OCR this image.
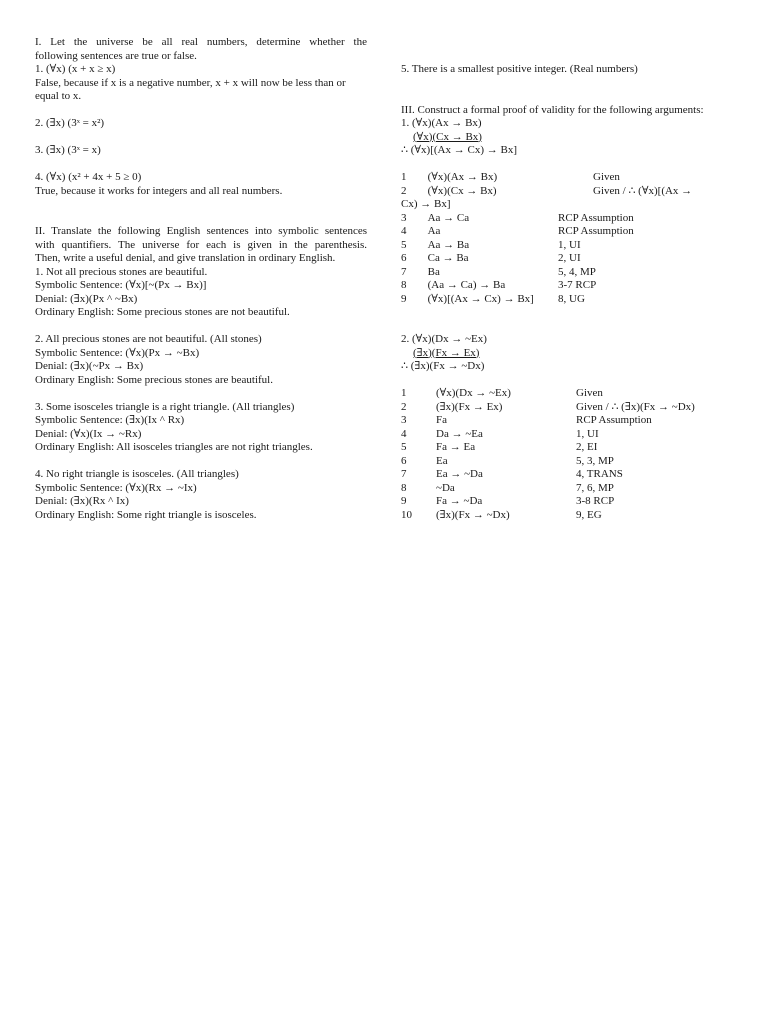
I. Let the universe be all real numbers, determine whether the
following sentences are true or false.
1. (∀x) (x + x ≥ x)
False, because if x is a negative number, x + x will now be less than or
equal to x.
2. (∃x) (3ˣ = x²)
3. (∃x) (3ˣ = x)
4. (∀x) (x² + 4x + 5 ≥ 0)
True, because it works for integers and all real numbers.
II. Translate the following English sentences into symbolic sentences
with quantifiers. The universe for each is given in the parenthesis.
Then, write a useful denial, and give translation in ordinary English.
1. Not all precious stones are beautiful.
Symbolic Sentence: (∀x)[~(Px → Bx)]
Denial: (∃x)(Px ^ ~Bx)
Ordinary English: Some precious stones are not beautiful.
2. All precious stones are not beautiful. (All stones)
Symbolic Sentence: (∀x)(Px → ~Bx)
Denial: (∃x)(~Px → Bx)
Ordinary English: Some precious stones are beautiful.
3. Some isosceles triangle is a right triangle. (All triangles)
Symbolic Sentence: (∃x)(Ix ^ Rx)
Denial: (∀x)(Ix → ~Rx)
Ordinary English: All isosceles triangles are not right triangles.
4. No right triangle is isosceles. (All triangles)
Symbolic Sentence: (∀x)(Rx → ~Ix)
Denial: (∃x)(Rx ^ Ix)
Ordinary English: Some right triangle is isosceles.
5. There is a smallest positive integer. (Real numbers)
III. Construct a formal proof of validity for the following arguments:
1. (∀x)(Ax → Bx)
(∀x)(Cx → Bx)
∴ (∀x)[(Ax → Cx) → Bx]
1	(∀x)(Ax → Bx)	Given
2	(∀x)(Cx → Bx)	Given / ∴ (∀x)[(Ax →
Cx) → Bx]		
3	Aa → Ca	RCP Assumption
4	Aa	RCP Assumption
5	Aa → Ba	1, UI
6	Ca → Ba	2, UI
7	Ba	5, 4, MP
8	(Aa → Ca) → Ba	3-7 RCP
9	(∀x)[(Ax → Cx) → Bx]	8, UG
2. (∀x)(Dx → ~Ex)
(∃x)(Fx → Ex)
∴ (∃x)(Fx → ~Dx)
1	(∀x)(Dx → ~Ex)	Given
2	(∃x)(Fx → Ex)	Given / ∴ (∃x)(Fx → ~Dx)
3	Fa	RCP Assumption
4	Da → ~Ea	1, UI
5	Fa → Ea	2, EI
6	Ea	5, 3, MP
7	Ea → ~Da	4, TRANS
8	~Da	7, 6, MP
9	Fa → ~Da	3-8 RCP
10	(∃x)(Fx → ~Dx)	9, EG
